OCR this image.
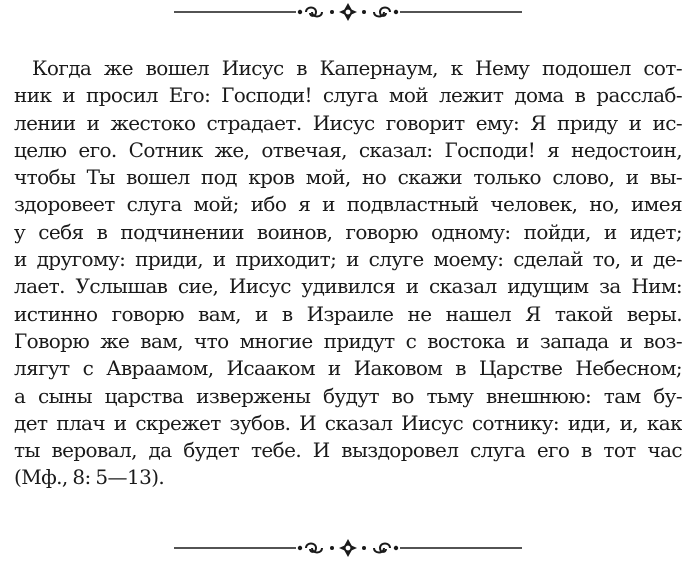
Когда же вошел Иисус в Капернаум, к Нему подошел сот-
ник и просил Его: Господи! слуга мой лежит дома в расслаб-
лении и жестоко страдает. Иисус говорит ему: Я приду и ис-
целю его. Сотник же, отвечая, сказал: Господи! я недостоин,
чтобы Ты вошел под кров мой, но скажи только слово, и вы-
здоровеет слуга мой; ибо я и подвластный человек, но, имея
у себя в подчинении воинов, говорю одному: пойди, и идет;
и другому: приди, и приходит; и слуге моему: сделай то, и де-
лает. Услышав сие, Иисус удивился и сказал идущим за Ним:
истинно говорю вам, и в Израиле не нашел Я такой веры.
Говорю же вам, что многие придут с востока и запада и воз-
лягут с Авраамом, Исааком и Иаковом в Царстве Небесном;
а сыны царства извержены будут во тьму внешнюю: там бу-
дет плач и скрежет зубов. И сказал Иисус сотнику: иди, и, как
ты веровал, да будет тебе. И выздоровел слуга его в тот час
(Мф., 8: 5—13).
